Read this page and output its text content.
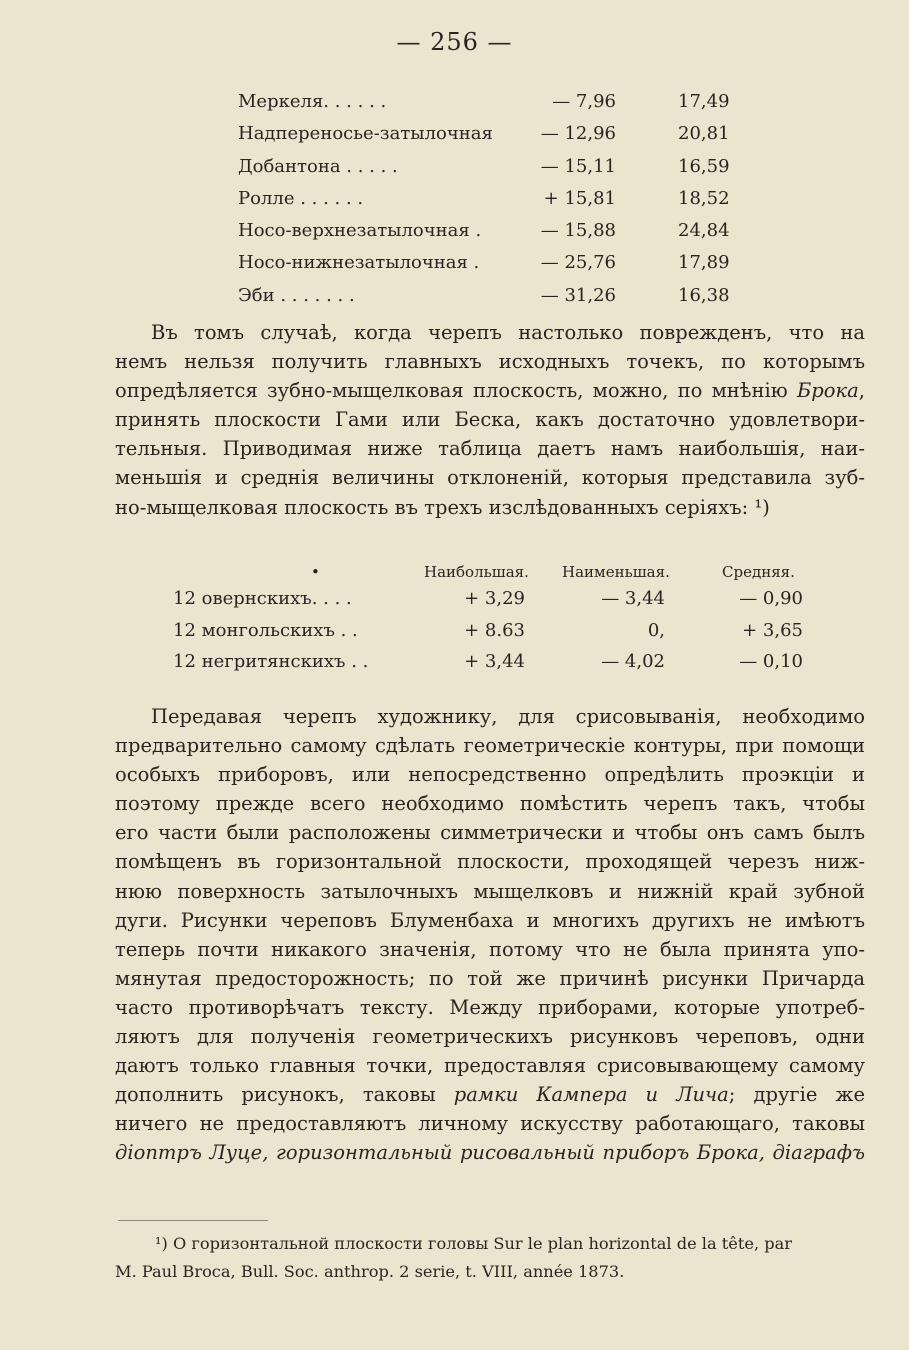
— 256 —
Меркеля. . . . . .	— 7,96	17,49
Надпереносье-затылочная	— 12,96	20,81
Добантона . . . . .	— 15,11	16,59
Ролле . . . . . .	+ 15,81	18,52
Носо-верхнезатылочная .	— 15,88	24,84
Носо-нижнезатылочная .	— 25,76	17,89
Эби . . . . . . .	— 31,26	16,38
Въ томъ случаѣ, когда черепъ настолько поврежденъ, что на
немъ нельзя получить главныхъ исходныхъ точекъ, по которымъ
опредѣляется зубно-мыщелковая плоскость, можно, по мнѣнію Брока,
принять плоскости Гами или Беска, какъ достаточно удовлетвори-
тельныя. Приводимая ниже таблица даетъ намъ наибольшія, наи-
меньшія и среднія величины отклоненій, которыя представила зуб-
но-мыщелковая плоскость въ трехъ изслѣдованныхъ серіяхъ: ¹)
•	Наибольшая. Наименьшая.	Средняя.
12 овернскихъ. . . .	+ 3,29	— 3,44	— 0,90
12 монгольскихъ . .	+ 8.63	0,	+ 3,65
12 негритянскихъ . .	+ 3,44	— 4,02	— 0,10
Передавая черепъ художнику, для срисовыванія, необходимо
предварительно самому сдѣлать геометрическіе контуры, при помощи
особыхъ приборовъ, или непосредственно опредѣлить проэкціи и
поэтому прежде всего необходимо помѣстить черепъ такъ, чтобы
его части были расположены симметрически и чтобы онъ самъ былъ
помѣщенъ въ горизонтальной плоскости, проходящей черезъ ниж-
нюю поверхность затылочныхъ мыщелковъ и нижній край зубной
дуги. Рисунки череповъ Блуменбаха и многихъ другихъ не имѣютъ
теперь почти никакого значенія, потому что не была принята упо-
мянутая предосторожность; по той же причинѣ рисунки Причарда
часто противорѣчатъ тексту. Между приборами, которые употреб-
ляютъ для полученія геометрическихъ рисунковъ череповъ, одни
даютъ только главныя точки, предоставляя срисовывающему самому
дополнить рисунокъ, таковы рамки Кампера и Лича; другіе же
ничего не предоставляютъ личному искусству работающаго, таковы
діоптръ Луце, горизонтальный рисовальный приборъ Брока, діаграфъ
¹) О горизонтальной плоскости головы Sur le plan horizontal de la tête, par
M. Paul Broca, Bull. Soc. anthrop. 2 serie, t. VIII, année 1873.
